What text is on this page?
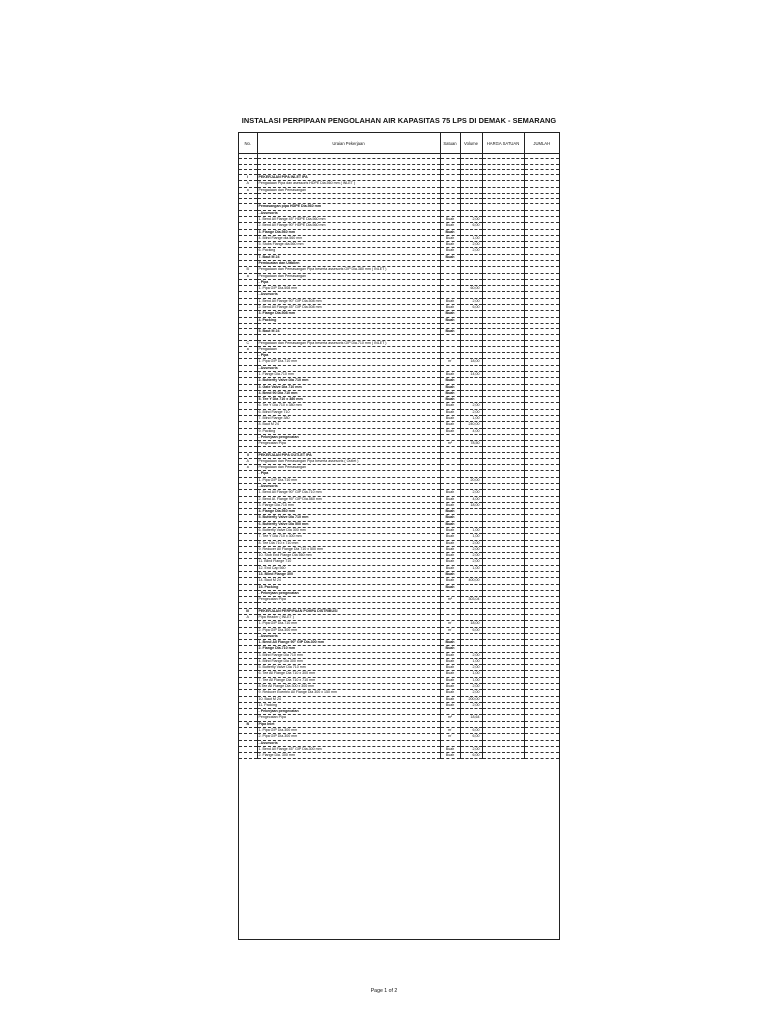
INSTALASI PERPIPAAN PENGOLAHAN AIR KAPASITAS 75 LPS DI DEMAK - SEMARANG
No.	Uraian Pekerjaan	Satuan	Volume	HARGA SATUAN	JUMLAH

I	PEKERJAAN PIPA INLET IPA				
A	Pengadaan Pipa dan asessoris HDPE Dia.560 mm ( INLET )				
a	Pengadaan dan Pemasangan				

	Pemasangan pipa HDPE Dia.560 mm				
	- Assesoris				
	1. Bend All Flange 45° HDPE Dia.560 mm	Buah	2,00		
	2. Bend All Flange 90° HDPE Dia.560 mm	Buah	6,00		
	3. Flange Dia.560 mm	Buah			
	4. Blind Flange dia.560 mm	Buah	1,00		
	5. Stubs Flange dia.560 mm	Buah	2,00		
	6. Packing	Buah	2,00		
	7. Baut M 24	Buah			
	Pembuatan dan Uitbilen				
B	Pengadaan dan Pemasangan Pipa beserta assesoris GIP Dia.380 mm ( INLET )				
a	Pengadaan dan Pemasangan				
	- Pipa				
	1. Pipa GIP Dia.508 mm		60,00		
	- Assesoris				
	1. Bend All Flange 90° GIP Dia.508 mm	Buah	2,00		
	2. Bend All Flange 45° GIP Dia.508 mm	Buah	6,00		
	3. Flange Dia.508 mm	Buah			
	4. Packing	Buah			

	5. Baut M 24	Buah			

C	Pengadaan dan Pemasangan Pipa beserta assesoris GIP Dia.710 mm ( INLET )				
a	Pengadaan				
	- Pipa				
	1. Pipa GIP Dia.710 mm	m'	18,00		
	- Assesoris				
	1. Flange Dia.710 mm	Buah	14,00		
	2. Butterfly Valve Dia 710 mm	Buah			
	3. Gate Valve Dia 710 mm	Buah			
	4. Bend 90 Dia 710 mm	Buah			
	5. Tee Y Dia 710 x 380 mm	Buah			
	6. Tee Y Dia 710 x 380 mm	Buah	2,00		
	6. Blind Flange 710	Buah	2,00		
	7. Blind Flange 380	Buah	1,00		
	8. Baut M 24	Buah	240,00		
	9. Packing	Buah	4,00		
	- Pekerjaan pengecatan				
	Pengecatan Pipa	m²	78,50		

II	PEKERJAAN PIPA OUTLET IPA				
A	Pengadaan dan Pemasangan Pipa beserta assesoris ( Outlet )				
a	Pengadaan dan Pemasangan				
	- Pipa				
	1. Pipa GIP Dia.710 mm		20,00		
	- Assesoris				
	1. Bend All Flange 90° GIP Dia.710 mm	Buah	2,00		
	2. Bend Al. Flange 90° GIP Dia.560 mm	Buah	4,00		
	3. Flange Dia.710 mm	Buah	18,00		
	4. Flange Dia.560 mm	Buah			
	5. Butterfly Valve Dia 710 mm	Buah			
	6. Butterfly Valve Dia 500 mm	Buah			
	6. Butterfly Valve Dia 300 mm	Buah	1,00		
	7. Tee Y Dia 710 x 300 mm	Buah	1,00		
	8. Tee Dia 710 x 710 mm	Buah	2,00		
	9. Reducer All Flange Dia 710 x 500 mm	Buah	2,00		
	10. Stub End Flange Dia 560 mm	Buah	2,00		
	11. Blind Flange 710	Buah	2,00		
	12. End Cap 560	Buah	1,00		
	13. Blind Flange 300	Buah			
	14. Baut M 24	Buah	400,00		
	15. Packing	Buah			
	- Pekerjaan pengecatan				
	Pengecatan Pipa	m²	303,04		

III	PEKERJAAN PERPIPAAN POMPA DISTRIBUSI				
A	Pipa Header ( INLET )				
	1. Pipa GIP Dia.710 mm	m'	18,00		
	2. Pipa GIP Dia.300 mm	m'	6,00		
	- Assesoris				
	1. Bend All Flange 90° GIP Dia.300 mm	Buah			
	2. Flange Dia.710 mm	Buah			
	3. Blind Flange Dia 710 mm	Buah	2,00		
	4. Blind Flange Dia 300 mm	Buah	1,00		
	5. Butterfly Valve Dia 710 mm	Buah	2,00		
	6. Tee All Flange Dia 710 x 300 mm	Buah	1,00		
	7. Tee All Flange Dia 710 x 710 mm	Buah	1,00		
	8.Tee All Flange Dia 300 x 300 mm	Buah	2,00		
	9. Reducer Ecentric All Flange Dia 300 x 150 mm	Buah	2,00		
	10. Baut M 24	Buah	200,00		
	11. Packing	Buah	2,00		
	- Pekerjaan pengecatan				
	Pengecatan Pipa	m²	18,64		
B	Pipa Inlet				
	1. Pipa GIP Dia.300 mm	m'	6,00		
	2. Pipa GIP Dia.300 mm	m'	6,00		
	- Assesoris				
	1. Bend All Flange 45° GIP Dia.300 mm	Buah	2,00		
	2. Flange Dia. 300 mm	Buah	6,00		
Page 1 of 2
